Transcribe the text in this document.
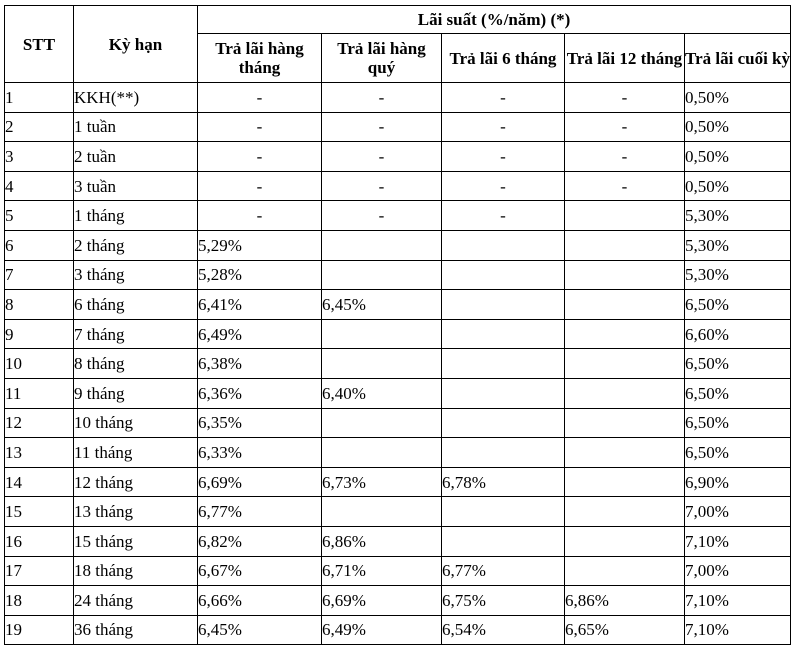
STT	Kỳ hạn	Lãi suất (%/năm) (*)				
		Trả lãi hàng tháng	Trả lãi hàng quý	Trả lãi 6 tháng	Trả lãi 12 tháng	Trả lãi cuối kỳ
1	KKH(**)	-	-	-	-	0,50%
2	1 tuần	-	-	-	-	0,50%
3	2 tuần	-	-	-	-	0,50%
4	3 tuần	-	-	-	-	0,50%
5	1 tháng	-	-	-		5,30%
6	2 tháng	5,29%				5,30%
7	3 tháng	5,28%				5,30%
8	6 tháng	6,41%	6,45%			6,50%
9	7 tháng	6,49%				6,60%
10	8 tháng	6,38%				6,50%
11	9 tháng	6,36%	6,40%			6,50%
12	10 tháng	6,35%				6,50%
13	11 tháng	6,33%				6,50%
14	12 tháng	6,69%	6,73%	6,78%		6,90%
15	13 tháng	6,77%				7,00%
16	15 tháng	6,82%	6,86%			7,10%
17	18 tháng	6,67%	6,71%	6,77%		7,00%
18	24 tháng	6,66%	6,69%	6,75%	6,86%	7,10%
19	36 tháng	6,45%	6,49%	6,54%	6,65%	7,10%
